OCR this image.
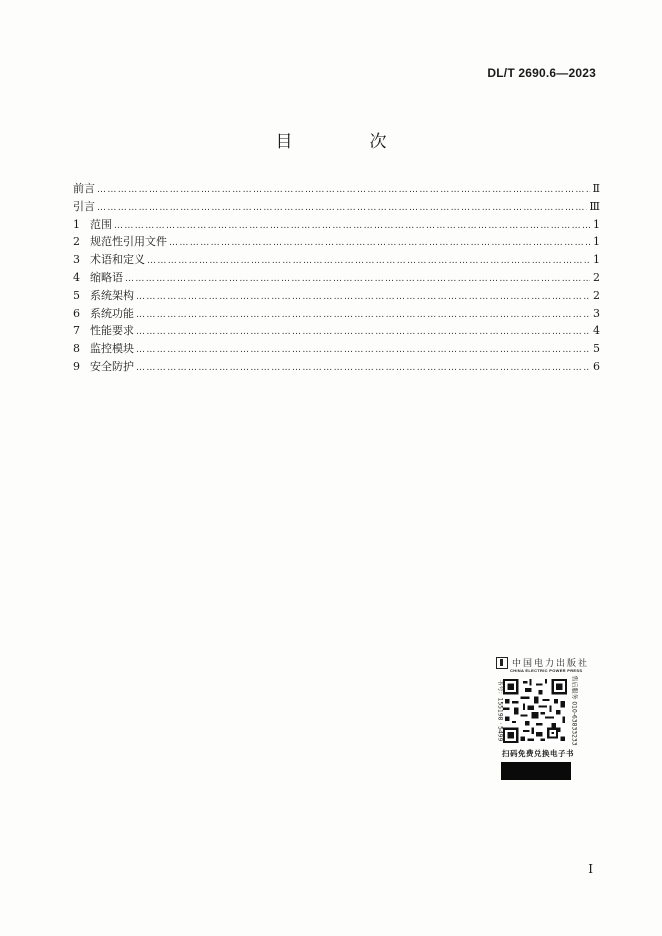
DL/T 2690.6—2023
目　次
前言 ……………………………………………………………………………………………………………………………………………………………………………………………………………………………………………	Ⅱ
引言 ……………………………………………………………………………………………………………………………………………………………………………………………………………………………………………	Ⅲ
1 范围 ……………………………………………………………………………………………………………………………………………………………………………………………………………………………………………	1
2 规范性引用文件 ……………………………………………………………………………………………………………………………………………………………………………………………………………………………………………	1
3 术语和定义 ……………………………………………………………………………………………………………………………………………………………………………………………………………………………………………	1
4 缩略语 ……………………………………………………………………………………………………………………………………………………………………………………………………………………………………………	2
5 系统架构 ……………………………………………………………………………………………………………………………………………………………………………………………………………………………………………	2
6 系统功能 ……………………………………………………………………………………………………………………………………………………………………………………………………………………………………………	3
7 性能要求 ……………………………………………………………………………………………………………………………………………………………………………………………………………………………………………	4
8 监控模块 ……………………………………………………………………………………………………………………………………………………………………………………………………………………………………………	5
9 安全防护 ……………………………………………………………………………………………………………………………………………………………………………………………………………………………………………	6
中国电力出版社
CHINA ELECTRIC POWER PRESS
书号：155198 · 5499	售后服务 010-63833233
扫码免费兑换电子书
I
